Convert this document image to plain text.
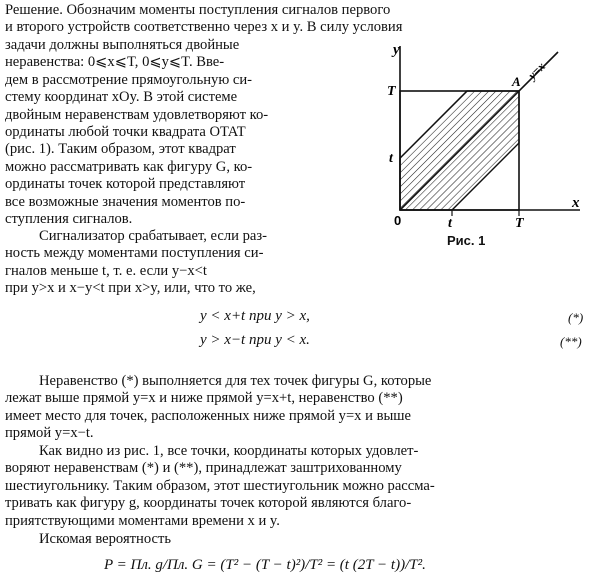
Решение. Обозначим моменты поступления сигналов первого
и второго устройств соответственно через x и y. В силу условия

задачи должны выполняться двойные
неравенства: 0⩽x⩽T, 0⩽y⩽T. Вве-
дем в рассмотрение прямоугольную си-
стему координат xOy. В этой системе
двойным неравенствам удовлетворяют ко-
ординаты любой точки квадрата OTAT
(рис. 1). Таким образом, этот квадрат
можно рассматривать как фигуру G, ко-
ординаты точек которой представляют
все возможные значения моментов по-
ступления сигналов.

Сигнализатор срабатывает, если раз-
ность между моментами поступления си-
гналов меньше t, т. е. если y−x<t
при y>x и x−y<t при x>y, или, что то же,

y < x+t при y > x,	(*)
y > x−t при y < x.	(**)

Неравенство (*) выполняется для тех точек фигуры G, которые
лежат выше прямой y=x и ниже прямой y=x+t, неравенство (**)
имеет место для точек, расположенных ниже прямой y=x и выше
прямой y=x−t.

Как видно из рис. 1, все точки, координаты которых удовлет-
воряют неравенствам (*) и (**), принадлежат заштрихованному
шестиугольнику. Таким образом, этот шестиугольник можно рассма-
тривать как фигуру g, координаты точек которой являются благо-
приятствующими моментами времени x и y.

Искомая вероятность

P = Пл. g/Пл. G = (T² − (T − t)²)/T² = (t (2T − t))/T².
y
x
0	t	T
t
T
A y=x
Рис. 1
